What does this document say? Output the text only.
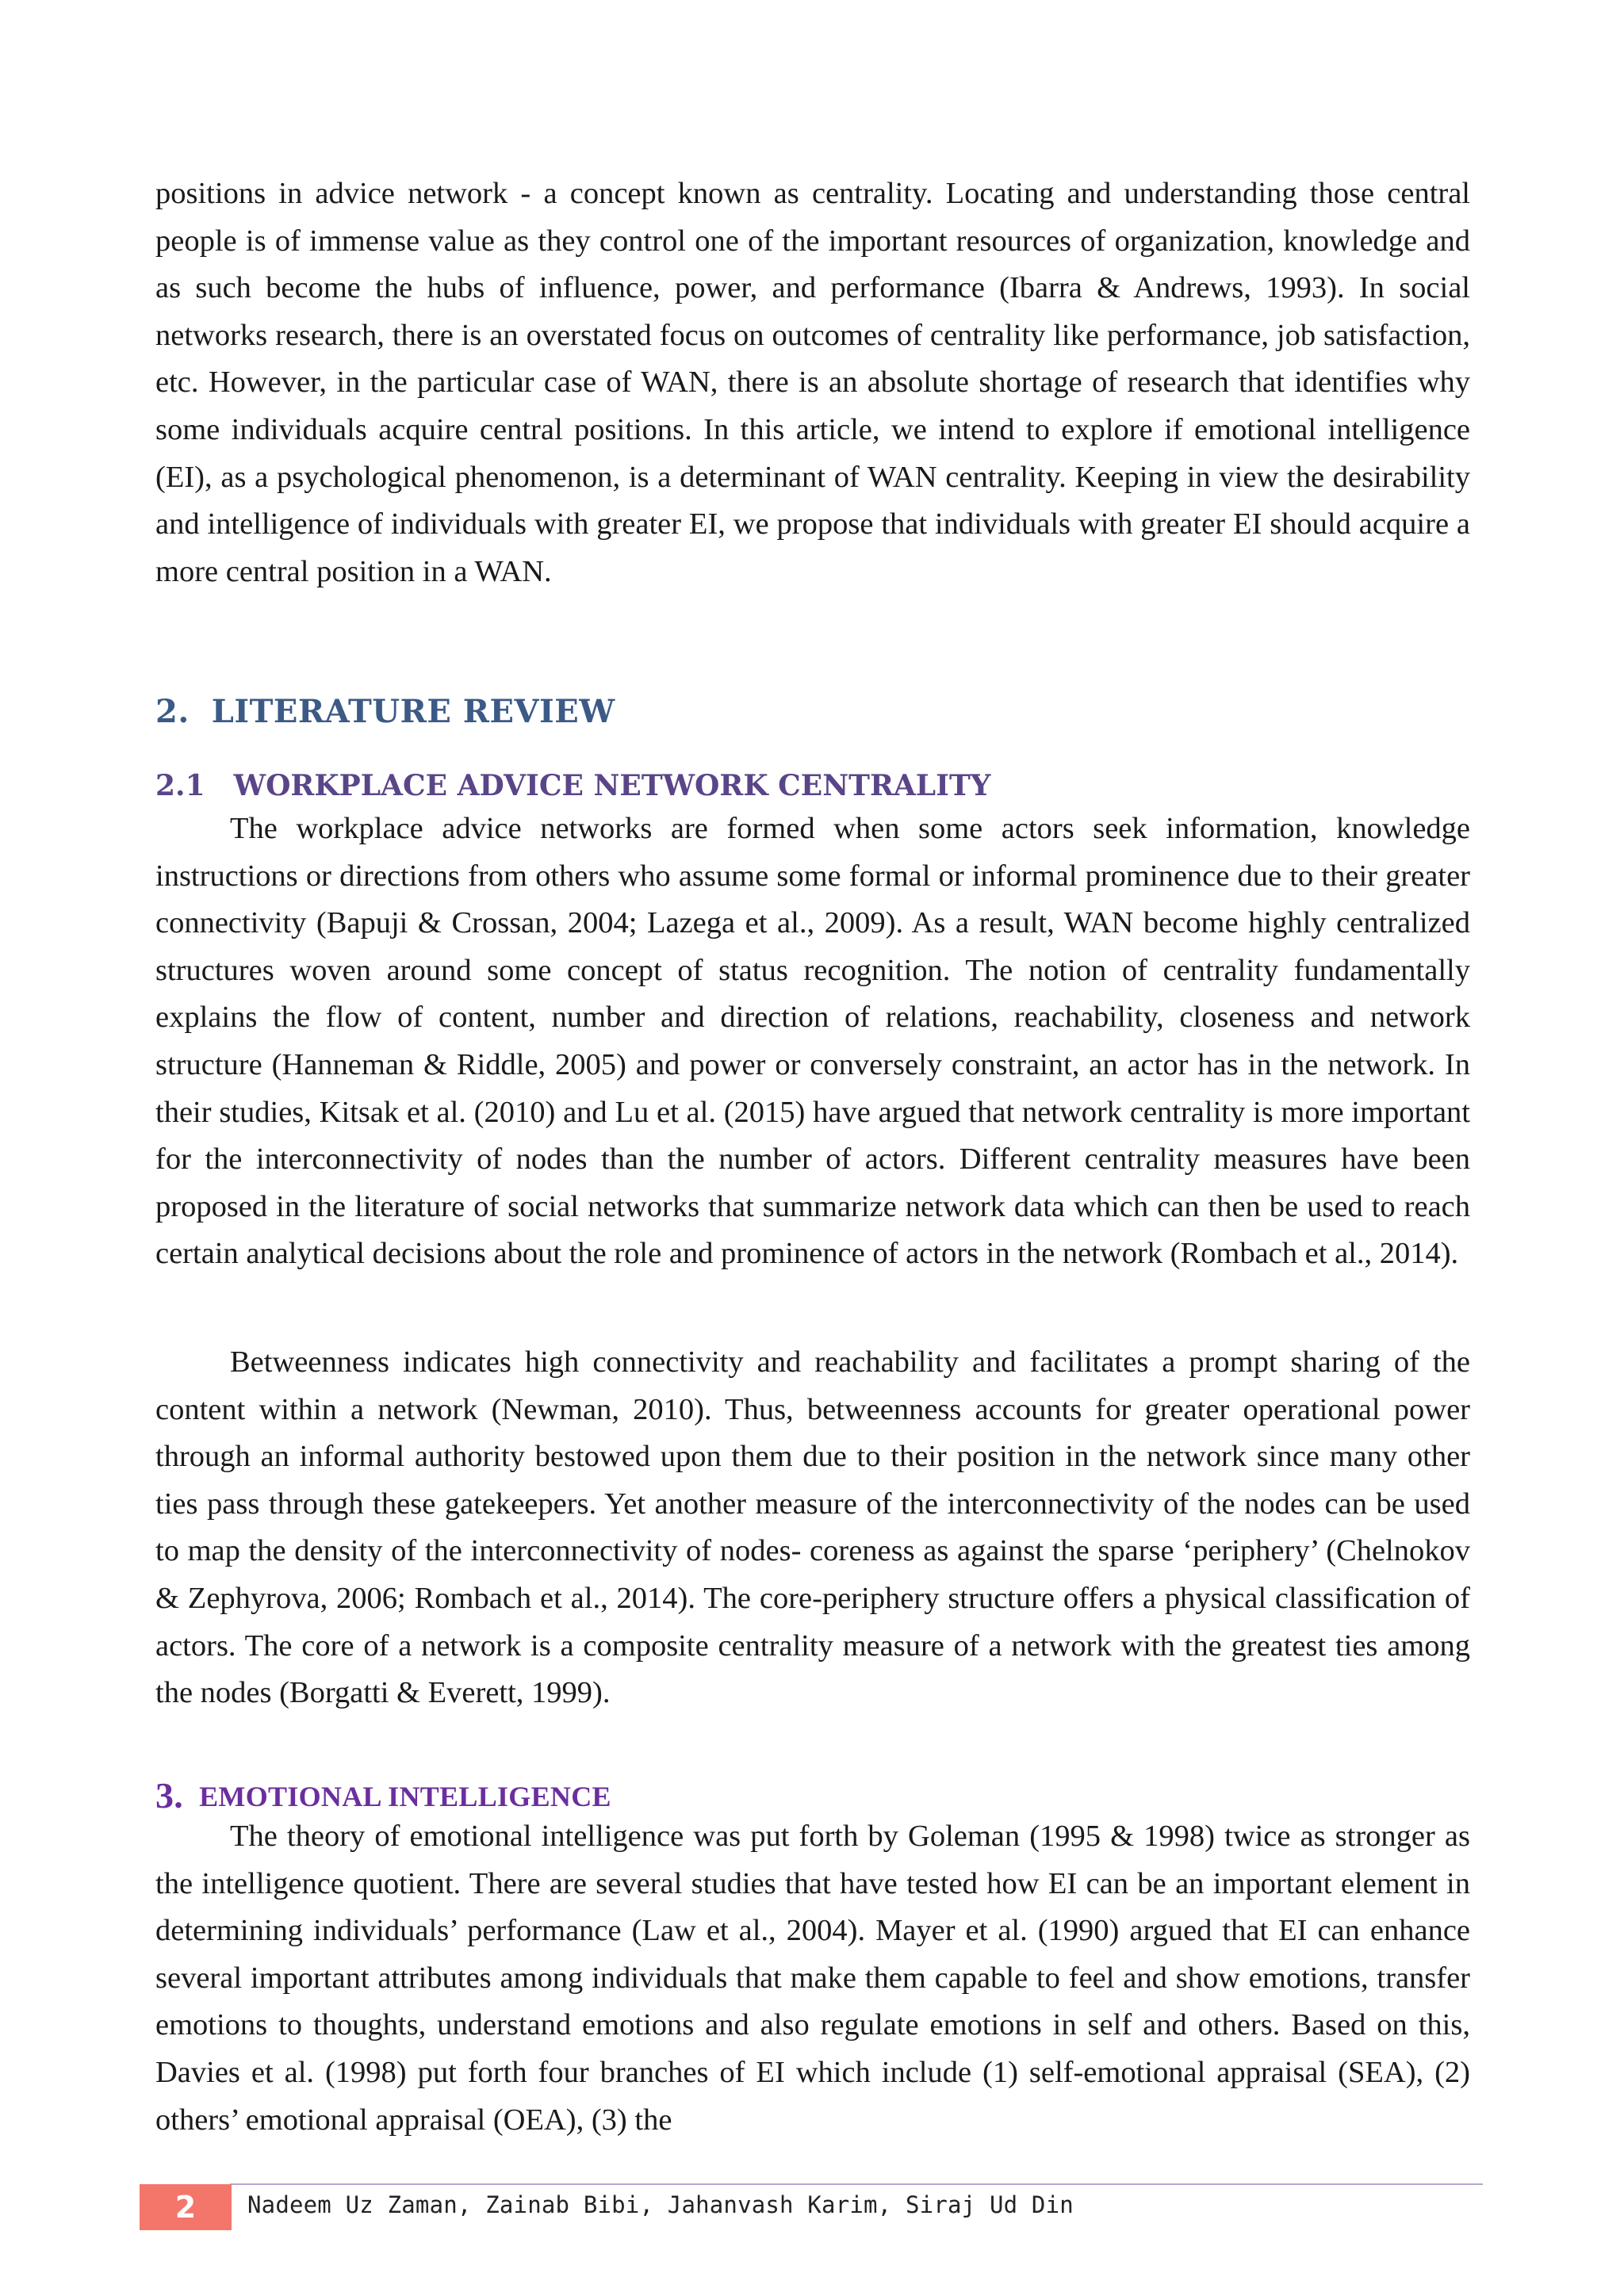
positions in advice network - a concept known as centrality. Locating and understanding those central people is of immense value as they control one of the important resources of organization, knowledge and as such become the hubs of influence, power, and performance (Ibarra & Andrews, 1993). In social networks research, there is an overstated focus on outcomes of centrality like performance, job satisfaction, etc. However, in the particular case of WAN, there is an absolute shortage of research that identifies why some individuals acquire central positions. In this article, we intend to explore if emotional intelligence (EI), as a psychological phenomenon, is a determinant of WAN centrality. Keeping in view the desirability and intelligence of individuals with greater EI, we propose that individuals with greater EI should acquire a more central position in a WAN.

2. LITERATURE REVIEW
2.1 WORKPLACE ADVICE NETWORK CENTRALITY

The workplace advice networks are formed when some actors seek information, knowledge instructions or directions from others who assume some formal or informal prominence due to their greater connectivity (Bapuji & Crossan, 2004; Lazega et al., 2009). As a result, WAN become highly centralized structures woven around some concept of status recognition. The notion of centrality fundamentally explains the flow of content, number and direction of relations, reachability, closeness and network structure (Hanneman & Riddle, 2005) and power or conversely constraint, an actor has in the network. In their studies, Kitsak et al. (2010) and Lu et al. (2015) have argued that network centrality is more important for the interconnectivity of nodes than the number of actors. Different centrality measures have been proposed in the literature of social networks that summarize network data which can then be used to reach certain analytical decisions about the role and prominence of actors in the network (Rombach et al., 2014).

Betweenness indicates high connectivity and reachability and facilitates a prompt sharing of the content within a network (Newman, 2010). Thus, betweenness accounts for greater operational power through an informal authority bestowed upon them due to their position in the network since many other ties pass through these gatekeepers. Yet another measure of the interconnectivity of the nodes can be used to map the density of the interconnectivity of nodes- coreness as against the sparse ‘periphery’ (Chelnokov & Zephyrova, 2006; Rombach et al., 2014). The core-periphery structure offers a physical classification of actors. The core of a network is a composite centrality measure of a network with the greatest ties among the nodes (Borgatti & Everett, 1999).

3. EMOTIONAL INTELLIGENCE

The theory of emotional intelligence was put forth by Goleman (1995 & 1998) twice as stronger as the intelligence quotient. There are several studies that have tested how EI can be an important element in determining individuals’ performance (Law et al., 2004). Mayer et al. (1990) argued that EI can enhance several important attributes among individuals that make them capable to feel and show emotions, transfer emotions to thoughts, understand emotions and also regulate emotions in self and others. Based on this, Davies et al. (1998) put forth four branches of EI which include (1) self-emotional appraisal (SEA), (2) others’ emotional appraisal (OEA), (3) the

2	Nadeem Uz Zaman, Zainab Bibi, Jahanvash Karim, Siraj Ud Din
